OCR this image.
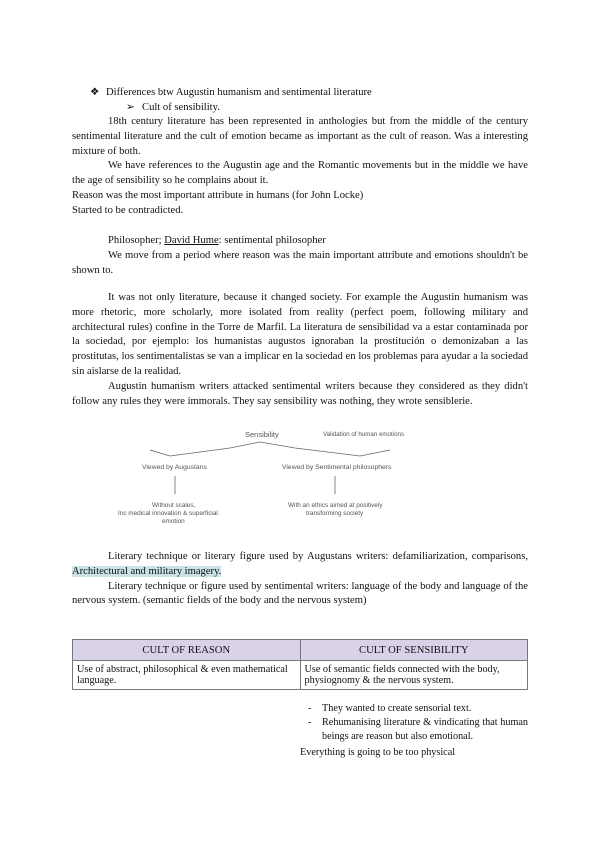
❖ Differences btw Augustin humanism and sentimental literature
➢ Cult of sensibility.
18th century literature has been represented in anthologies but from the middle of the century sentimental literature and the cult of emotion became as important as the cult of reason. Was a interesting mixture of both.
We have references to the Augustin age and the Romantic movements but in the middle we have the age of sensibility so he complains about it.
Reason was the most important attribute in humans (for John Locke)
Started to be contradicted.
Philosopher; David Hume: sentimental philosopher
We move from a period where reason was the main important attribute and emotions shouldn't be shown to.
It was not only literature, because it changed society. For example the Augustin humanism was more rhetoric, more scholarly, more isolated from reality (perfect poem, following military and architectural rules) confine in the Torre de Marfil. La literatura de sensibilidad va a estar contaminada por la sociedad, por ejemplo: los humanistas augustos ignoraban la prostitución o demonizaban a las prostitutas, los sentimentalistas se van a implicar en la sociedad en los problemas para ayudar a la sociedad sin aislarse de la realidad.
Augustin humanism writers attacked sentimental writers because they considered as they didn't follow any rules they were immorals. They say sensibility was nothing, they wrote sensiblerie.
Sensibility	Validation of human emotions
Viewed by Augustans	Viewed by Sentimental philosophers
Without scales,
Inc medical innovation & superficial
emotion
With an ethics aimed at positively
transforming society
Literary technique or literary figure used by Augustans writers: defamiliarization, comparisons, Architectural and military imagery.
Literary technique or figure used by sentimental writers: language of the body and language of the nervous system. (semantic fields of the body and the nervous system)
CULT OF REASON	CULT OF SENSIBILITY
Use of abstract, philosophical & even mathematical language.	Use of semantic fields connected with the body, physiognomy & the nervous system.
- They wanted to create sensorial text.
- Rehumanising literature & vindicating that human beings are reason but also emotional.
Everything is going to be too physical
